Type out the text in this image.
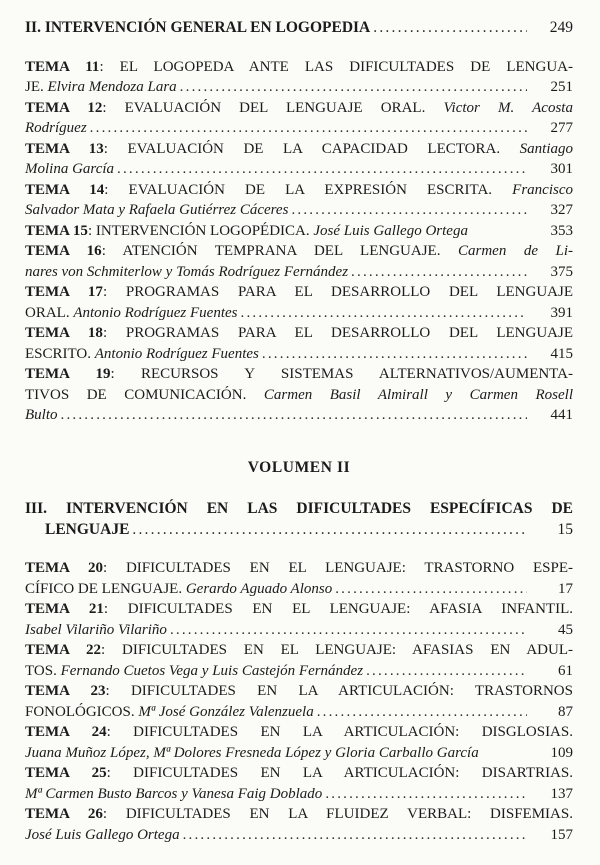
II. INTERVENCIÓN GENERAL EN LOGOPEDIA .....	249
TEMA 11: EL LOGOPEDA ANTE LAS DIFICULTADES DE LENGUA-
JE. Elvira Mendoza Lara .....	251
TEMA 12: EVALUACIÓN DEL LENGUAJE ORAL. Victor M. Acosta
Rodríguez .....	277
TEMA 13: EVALUACIÓN DE LA CAPACIDAD LECTORA. Santiago
Molina García .....	301
TEMA 14: EVALUACIÓN DE LA EXPRESIÓN ESCRITA. Francisco
Salvador Mata y Rafaela Gutiérrez Cáceres .....	327
TEMA 15 : INTERVENCIÓN LOGOPÉDICA. José Luis Gallego Ortega	353
TEMA 16: ATENCIÓN TEMPRANA DEL LENGUAJE. Carmen de Li-
nares von Schmiterlow y Tomás Rodríguez Fernández .....	375
TEMA 17: PROGRAMAS PARA EL DESARROLLO DEL LENGUAJE
ORAL. Antonio Rodríguez Fuentes .....	391
TEMA 18: PROGRAMAS PARA EL DESARROLLO DEL LENGUAJE
ESCRITO. Antonio Rodríguez Fuentes .....	415
TEMA 19: RECURSOS Y SISTEMAS ALTERNATIVOS/AUMENTA-
TIVOS DE COMUNICACIÓN. Carmen Basil Almirall y Carmen Rosell
Bulto .....	441
VOLUMEN II
III. INTERVENCIÓN EN LAS DIFICULTADES ESPECÍFICAS DE
LENGUAJE .....	15
TEMA 20: DIFICULTADES EN EL LENGUAJE: TRASTORNO ESPE-
CÍFICO DE LENGUAJE. Gerardo Aguado Alonso .....	17
TEMA 21: DIFICULTADES EN EL LENGUAJE: AFASIA INFANTIL.
Isabel Vilariño Vilariño .....	45
TEMA 22: DIFICULTADES EN EL LENGUAJE: AFASIAS EN ADUL-
TOS. Fernando Cuetos Vega y Luis Castejón Fernández .....	61
TEMA 23: DIFICULTADES EN LA ARTICULACIÓN: TRASTORNOS
FONOLÓGICOS. Mª José González Valenzuela .....	87
TEMA 24: DIFICULTADES EN LA ARTICULACIÓN: DISGLOSIAS.
Juana Muñoz López, Mª Dolores Fresneda López y Gloria Carballo García	109
TEMA 25: DIFICULTADES EN LA ARTICULACIÓN: DISARTRIAS.
Mª Carmen Busto Barcos y Vanesa Faig Doblado .....	137
TEMA 26: DIFICULTADES EN LA FLUIDEZ VERBAL: DISFEMIAS.
José Luis Gallego Ortega .....	157
